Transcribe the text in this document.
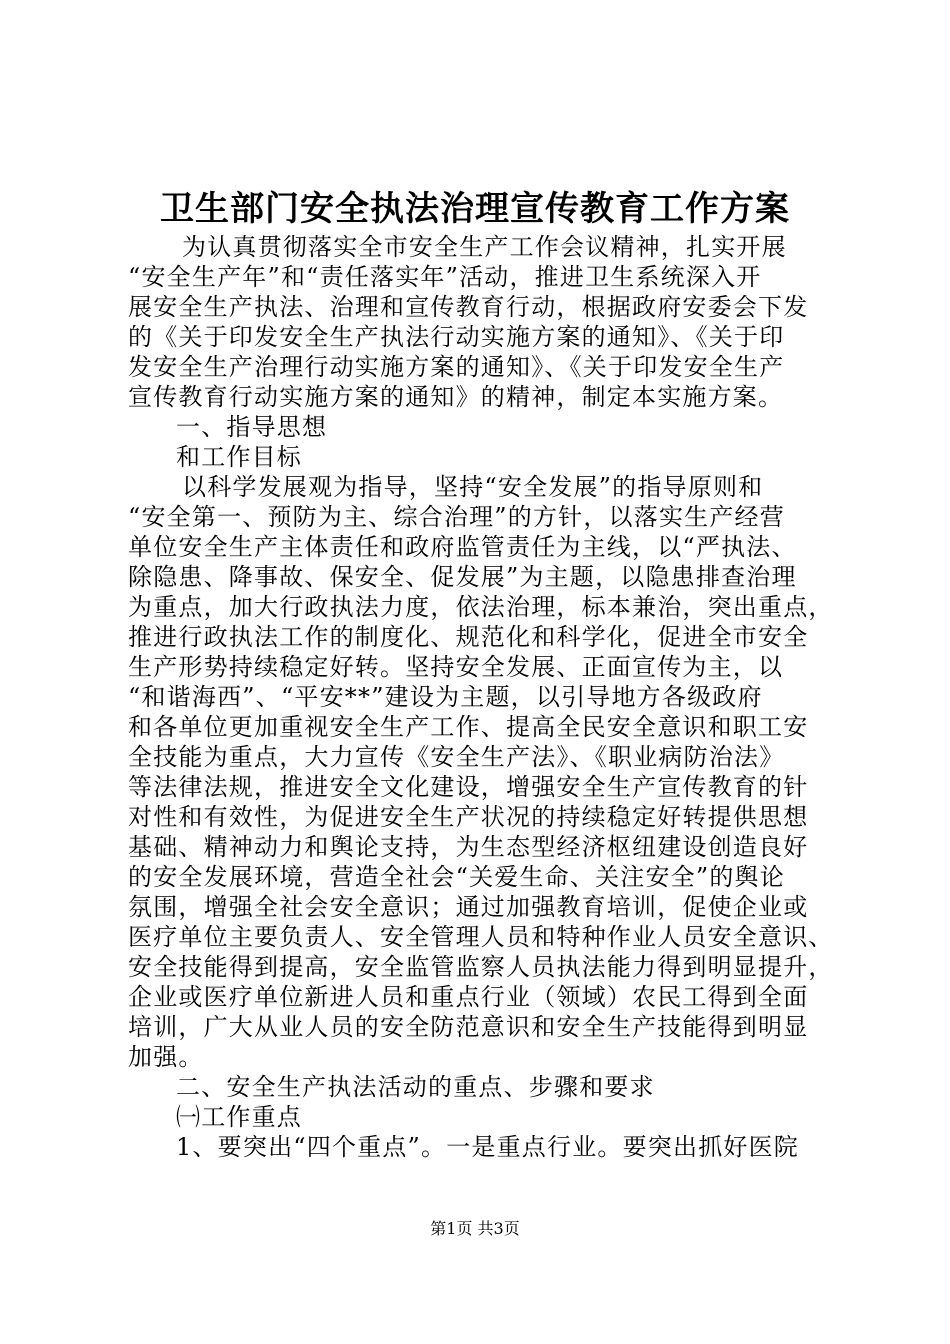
卫生部门安全执法治理宣传教育工作方案
为认真贯彻落实全市安全生产工作会议精神，扎实开展
“安全生产年”和“责任落实年”活动，推进卫生系统深入开
展安全生产执法、治理和宣传教育行动，根据政府安委会下发
的《关于印发安全生产执法行动实施方案的通知》、《关于印
发安全生产治理行动实施方案的通知》、《关于印发安全生产
宣传教育行动实施方案的通知》的精神，制定本实施方案。
一、指导思想
和工作目标
以科学发展观为指导，坚持“安全发展”的指导原则和
“安全第一、预防为主、综合治理”的方针，以落实生产经营
单位安全生产主体责任和政府监管责任为主线，以“严执法、
除隐患、降事故、保安全、促发展”为主题，以隐患排查治理
为重点，加大行政执法力度，依法治理，标本兼治，突出重点，
推进行政执法工作的制度化、规范化和科学化，促进全市安全
生产形势持续稳定好转。坚持安全发展、正面宣传为主，以
“和谐海西”、“平安**”建设为主题，以引导地方各级政府
和各单位更加重视安全生产工作、提高全民安全意识和职工安
全技能为重点，大力宣传《安全生产法》、《职业病防治法》
等法律法规，推进安全文化建设，增强安全生产宣传教育的针
对性和有效性，为促进安全生产状况的持续稳定好转提供思想
基础、精神动力和舆论支持，为生态型经济枢纽建设创造良好
的安全发展环境，营造全社会“关爱生命、关注安全”的舆论
氛围，增强全社会安全意识；通过加强教育培训，促使企业或
医疗单位主要负责人、安全管理人员和特种作业人员安全意识、
安全技能得到提高，安全监管监察人员执法能力得到明显提升，
企业或医疗单位新进人员和重点行业（领域）农民工得到全面
培训，广大从业人员的安全防范意识和安全生产技能得到明显
加强。
二、安全生产执法活动的重点、步骤和要求
㈠工作重点
1、要突出“四个重点”。一是重点行业。要突出抓好医院
第1页 共3页
